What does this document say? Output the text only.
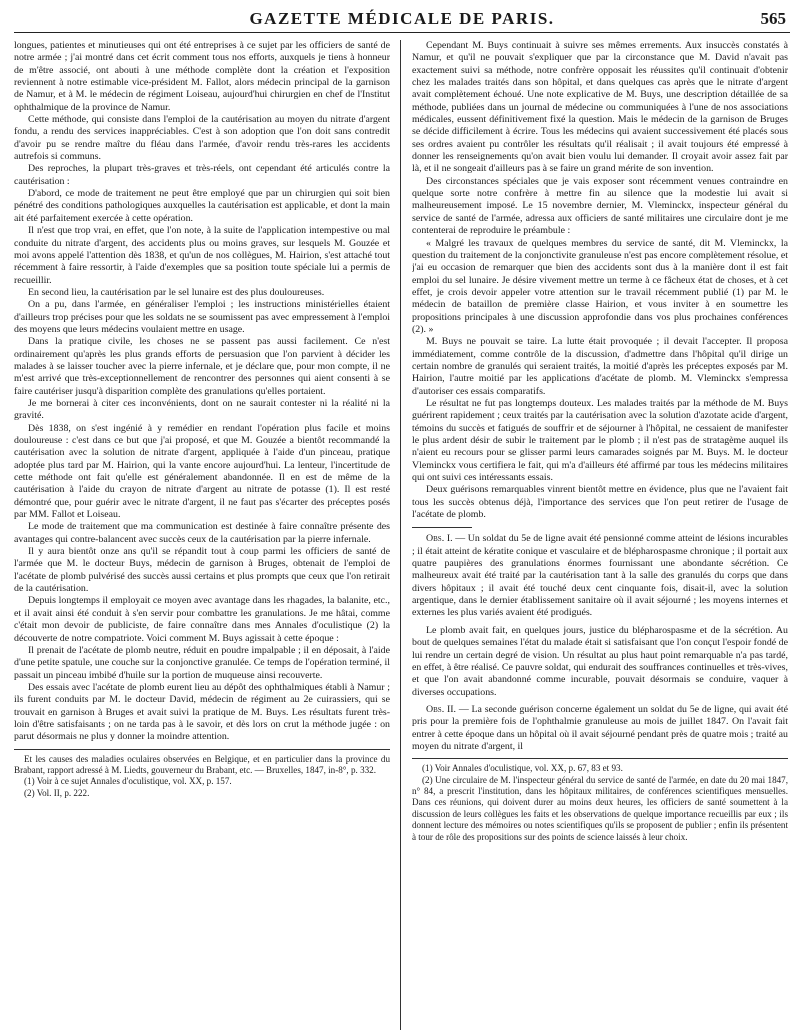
GAZETTE MÉDICALE DE PARIS.	565

longues, patientes et minutieuses qui ont été entreprises à ce sujet par les officiers de santé de notre armée ; j'ai montré dans cet écrit comment tous nos efforts, auxquels je tiens à honneur de m'être associé, ont abouti à une méthode complète dont la création et l'exposition reviennent à notre estimable vice-président M. Fallot, alors médecin principal de la garnison de Namur, et à M. le médecin de régiment Loiseau, aujourd'hui chirurgien en chef de l'Institut ophthalmique de la province de Namur.

Cette méthode, qui consiste dans l'emploi de la cautérisation au moyen du nitrate d'argent fondu, a rendu des services inappréciables. C'est à son adoption que l'on doit sans contredit d'avoir pu se rendre maître du fléau dans l'armée, d'avoir rendu très-rares les accidents autrefois si communs.

Des reproches, la plupart très-graves et très-réels, ont cependant été articulés contre la cautérisation :

D'abord, ce mode de traitement ne peut être employé que par un chirurgien qui soit bien pénétré des conditions pathologiques auxquelles la cautérisation est applicable, et dont la main ait été parfaitement exercée à cette opération.

Il n'est que trop vrai, en effet, que l'on note, à la suite de l'application intempestive ou mal conduite du nitrate d'argent, des accidents plus ou moins graves, sur lesquels M. Gouzée et moi avons appelé l'attention dès 1838, et qu'un de nos collègues, M. Hairion, s'est attaché tout récemment à faire ressortir, à l'aide d'exemples que sa position toute spéciale lui a permis de recueillir.

En second lieu, la cautérisation par le sel lunaire est des plus douloureuses.

On a pu, dans l'armée, en généraliser l'emploi ; les instructions ministérielles étaient d'ailleurs trop précises pour que les soldats ne se soumissent pas avec empressement à l'emploi des moyens que leurs médecins voulaient mettre en usage.

Dans la pratique civile, les choses ne se passent pas aussi facilement. Ce n'est ordinairement qu'après les plus grands efforts de persuasion que l'on parvient à décider les malades à se laisser toucher avec la pierre infernale, et je déclare que, pour mon compte, il ne m'est arrivé que très-exceptionnellement de rencontrer des personnes qui aient consenti à se faire cautériser jusqu'à disparition complète des granulations qu'elles portaient.

Je me bornerai à citer ces inconvénients, dont on ne saurait contester ni la réalité ni la gravité.

Dès 1838, on s'est ingénié à y remédier en rendant l'opération plus facile et moins douloureuse : c'est dans ce but que j'ai proposé, et que M. Gouzée a bientôt recommandé la cautérisation avec la solution de nitrate d'argent, appliquée à l'aide d'un pinceau, pratique adoptée plus tard par M. Hairion, qui la vante encore aujourd'hui. La lenteur, l'incertitude de cette méthode ont fait qu'elle est généralement abandonnée. Il en est de même de la cautérisation à l'aide du crayon de nitrate d'argent au nitrate de potasse (1). Il est resté démontré que, pour guérir avec le nitrate d'argent, il ne faut pas s'écarter des préceptes posés par MM. Fallot et Loiseau.

Le mode de traitement que ma communication est destinée à faire connaître présente des avantages qui contre-balancent avec succès ceux de la cautérisation par la pierre infernale.

Il y aura bientôt onze ans qu'il se répandit tout à coup parmi les officiers de santé de l'armée que M. le docteur Buys, médecin de garnison à Bruges, obtenait de l'emploi de l'acétate de plomb pulvérisé des succès aussi certains et plus prompts que ceux que l'on retirait de la cautérisation.

Depuis longtemps il employait ce moyen avec avantage dans les rhagades, la balanite, etc., et il avait ainsi été conduit à s'en servir pour combattre les granulations. Je me hâtai, comme c'était mon devoir de publiciste, de faire connaître dans mes Annales d'oculistique (2) la découverte de notre compatriote. Voici comment M. Buys agissait à cette époque :

Il prenait de l'acétate de plomb neutre, réduit en poudre impalpable ; il en déposait, à l'aide d'une petite spatule, une couche sur la conjonctive granulée. Ce temps de l'opération terminé, il passait un pinceau imbibé d'huile sur la portion de muqueuse ainsi recouverte.

Des essais avec l'acétate de plomb eurent lieu au dépôt des ophthalmiques établi à Namur ; ils furent conduits par M. le docteur David, médecin de régiment au 2e cuirassiers, qui se trouvait en garnison à Bruges et avait suivi la pratique de M. Buys. Les résultats furent très-loin d'être satisfaisants ; on ne tarda pas à le savoir, et dès lors on crut la méthode jugée : on parut désormais ne plus y donner la moindre attention.

Et les causes des maladies oculaires observées en Belgique, et en particulier dans la province du Brabant, rapport adressé à M. Liedts, gouverneur du Brabant, etc. — Bruxelles, 1847, in-8°, p. 332.

(1) Voir à ce sujet Annales d'oculistique, vol. XX, p. 157.

(2) Vol. II, p. 222.

Cependant M. Buys continuait à suivre ses mêmes errements. Aux insuccès constatés à Namur, et qu'il ne pouvait s'expliquer que par la circonstance que M. David n'avait pas exactement suivi sa méthode, notre confrère opposait les réussites qu'il continuait d'obtenir chez les malades traités dans son hôpital, et dans quelques cas après que le nitrate d'argent avait complètement échoué. Une note explicative de M. Buys, une description détaillée de sa méthode, publiées dans un journal de médecine ou communiquées à l'une de nos associations médicales, eussent définitivement fixé la question. Mais le médecin de la garnison de Bruges se décide difficilement à écrire. Tous les médecins qui avaient successivement été placés sous ses ordres avaient pu contrôler les résultats qu'il réalisait ; il avait toujours été empressé à donner les renseignements qu'on avait bien voulu lui demander. Il croyait avoir assez fait par là, et il ne songeait d'ailleurs pas à se faire un grand mérite de son invention.

Des circonstances spéciales que je vais exposer sont récemment venues contraindre en quelque sorte notre confrère à mettre fin au silence que la modestie lui avait si malheureusement imposé. Le 15 novembre dernier, M. Vleminckx, inspecteur général du service de santé de l'armée, adressa aux officiers de santé militaires une circulaire dont je me contenterai de reproduire le préambule :

« Malgré les travaux de quelques membres du service de santé, dit M. Vleminckx, la question du traitement de la conjonctivite granuleuse n'est pas encore complètement résolue, et j'ai eu occasion de remarquer que bien des accidents sont dus à la manière dont il est fait emploi du sel lunaire. Je désire vivement mettre un terme à ce fâcheux état de choses, et à cet effet, je crois devoir appeler votre attention sur le travail récemment publié (1) par M. le médecin de bataillon de première classe Hairion, et vous inviter à en soumettre les propositions principales à une discussion approfondie dans vos plus prochaines conférences (2). »

M. Buys ne pouvait se taire. La lutte était provoquée ; il devait l'accepter. Il proposa immédiatement, comme contrôle de la discussion, d'admettre dans l'hôpital qu'il dirige un certain nombre de granulés qui seraient traités, la moitié d'après les préceptes exposés par M. Hairion, l'autre moitié par les applications d'acétate de plomb. M. Vleminckx s'empressa d'autoriser ces essais comparatifs.

Le résultat ne fut pas longtemps douteux. Les malades traités par la méthode de M. Buys guérirent rapidement ; ceux traités par la cautérisation avec la solution d'azotate acide d'argent, témoins du succès et fatigués de souffrir et de séjourner à l'hôpital, ne cessaient de manifester le plus ardent désir de subir le traitement par le plomb ; il n'est pas de stratagème auquel ils n'aient eu recours pour se glisser parmi leurs camarades soignés par M. Buys. M. le docteur Vleminckx vous certifiera le fait, qui m'a d'ailleurs été affirmé par tous les médecins militaires qui ont suivi ces intéressants essais.

Deux guérisons remarquables vinrent bientôt mettre en évidence, plus que ne l'avaient fait tous les succès obtenus déjà, l'importance des services que l'on peut retirer de l'usage de l'acétate de plomb.

Obs. I. — Un soldat du 5e de ligne avait été pensionné comme atteint de lésions incurables ; il était atteint de kératite conique et vasculaire et de blépharospasme chronique ; il portait aux quatre paupières des granulations énormes fournissant une abondante sécrétion. Ce malheureux avait été traité par la cautérisation tant à la salle des granulés du corps que dans divers hôpitaux ; il avait été touché deux cent cinquante fois, disait-il, avec la solution argentique, dans le dernier établissement sanitaire où il avait séjourné ; les moyens internes et externes les plus variés avaient été prodigués.

Le plomb avait fait, en quelques jours, justice du blépharospasme et de la sécrétion. Au bout de quelques semaines l'état du malade était si satisfaisant que l'on conçut l'espoir fondé de lui rendre un certain degré de vision. Un résultat au plus haut point remarquable n'a pas tardé, en effet, à être réalisé. Ce pauvre soldat, qui endurait des souffrances continuelles et très-vives, et que l'on avait abandonné comme incurable, pouvait désormais se conduire, vaquer à diverses occupations.

Obs. II. — La seconde guérison concerne également un soldat du 5e de ligne, qui avait été pris pour la première fois de l'ophthalmie granuleuse au mois de juillet 1847. On l'avait fait entrer à cette époque dans un hôpital où il avait séjourné pendant près de quatre mois ; traité au moyen du nitrate d'argent, il

(1) Voir Annales d'oculistique, vol. XX, p. 67, 83 et 93.

(2) Une circulaire de M. l'inspecteur général du service de santé de l'armée, en date du 20 mai 1847, n° 84, a prescrit l'institution, dans les hôpitaux militaires, de conférences scientifiques mensuelles. Dans ces réunions, qui doivent durer au moins deux heures, les officiers de santé soumettent à la discussion de leurs collègues les faits et les observations de quelque importance recueillis par eux ; ils donnent lecture des mémoires ou notes scientifiques qu'ils se proposent de publier ; enfin ils présentent à tour de rôle des propositions sur des points de science laissés à leur choix.
